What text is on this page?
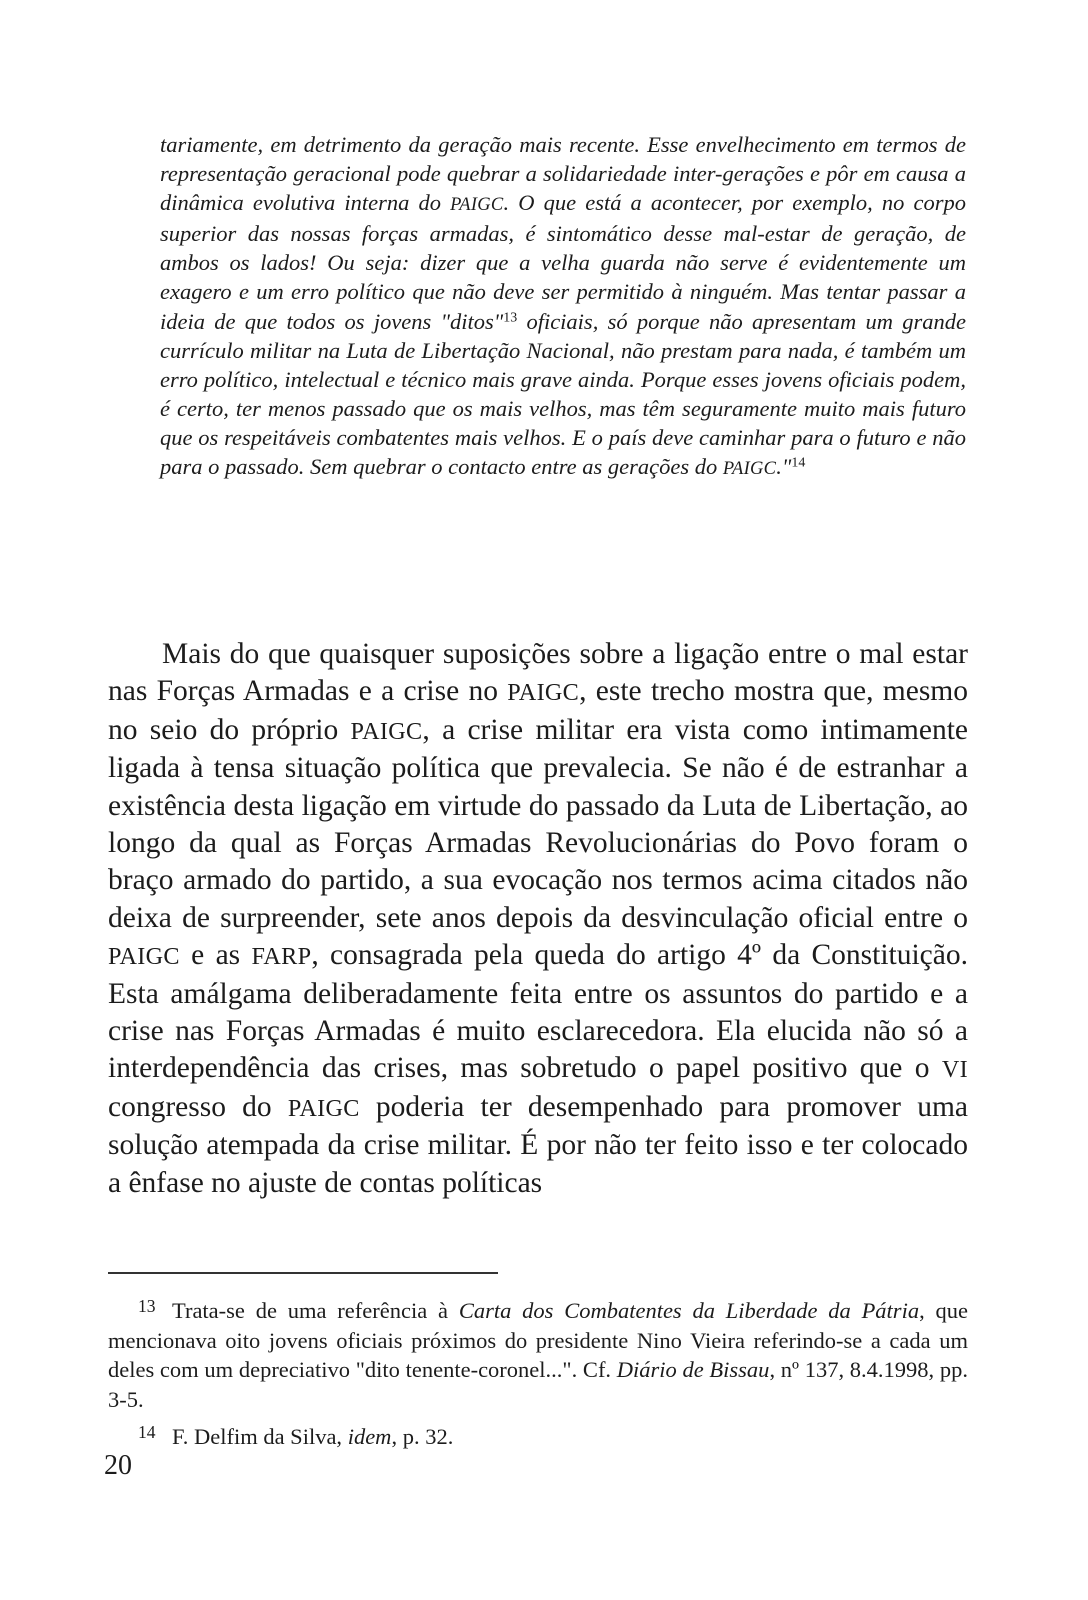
tariamente, em detrimento da geração mais recente. Esse envelhecimento em termos de representação geracional pode quebrar a solidariedade inter-gerações e pôr em causa a dinâmica evolutiva interna do PAIGC. O que está a acontecer, por exemplo, no corpo superior das nossas forças armadas, é sintomático desse mal-estar de geração, de ambos os lados! Ou seja: dizer que a velha guarda não serve é evidentemente um exagero e um erro político que não deve ser permitido à ninguém. Mas tentar passar a ideia de que todos os jovens "ditos"$^{13}$ oficiais, só porque não apresentam um grande currículo militar na Luta de Libertação Nacional, não prestam para nada, é também um erro político, intelectual e técnico mais grave ainda. Porque esses jovens oficiais podem, é certo, ter menos passado que os mais velhos, mas têm seguramente muito mais futuro que os respeitáveis combatentes mais velhos. E o país deve caminhar para o futuro e não para o passado. Sem quebrar o contacto entre as gerações do PAIGC."$^{14}$
Mais do que quaisquer suposições sobre a ligação entre o mal estar nas Forças Armadas e a crise no PAIGC, este trecho mostra que, mesmo no seio do próprio PAIGC, a crise militar era vista como intimamente ligada à tensa situação política que prevalecia. Se não é de estranhar a existência desta ligação em virtude do passado da Luta de Libertação, ao longo da qual as Forças Armadas Revolucionárias do Povo foram o braço armado do partido, a sua evocação nos termos acima citados não deixa de surpreender, sete anos depois da desvinculação oficial entre o PAIGC e as FARP, consagrada pela queda do artigo 4º da Constituição. Esta amálgama deliberadamente feita entre os assuntos do partido e a crise nas Forças Armadas é muito esclarecedora. Ela elucida não só a interdependência das crises, mas sobretudo o papel positivo que o VI congresso do PAIGC poderia ter desempenhado para promover uma solução atempada da crise militar. É por não ter feito isso e ter colocado a ênfase no ajuste de contas políticas
13 Trata-se de uma referência à Carta dos Combatentes da Liberdade da Pátria, que mencionava oito jovens oficiais próximos do presidente Nino Vieira referindo-se a cada um deles com um depreciativo "dito tenente-coronel...". Cf. Diário de Bissau, nº 137, 8.4.1998, pp. 3-5.
14 F. Delfim da Silva, idem, p. 32.
20
